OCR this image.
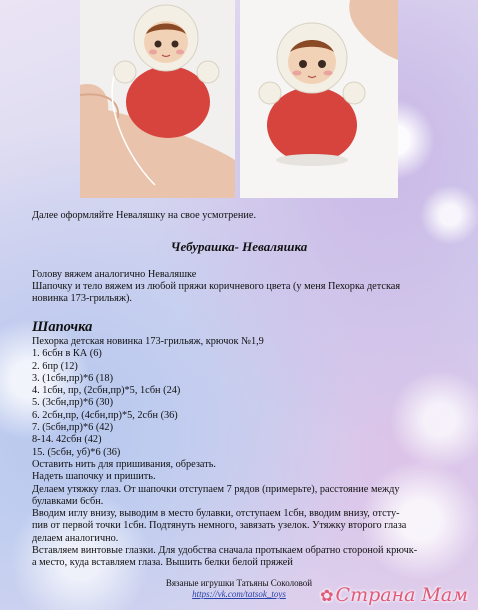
Далее оформляйте Неваляшку на свое усмотрение.
Чебурашка- Неваляшка
Голову вяжем аналогично Неваляшке
Шапочку и тело вяжем из любой пряжи коричневого цвета (у меня Пехорка детская
новинка 173-грильяж).
Шапочка
Пехорка детская новинка 173-грильяж, крючок №1,9
1. 6сбн в КА (6)
2. 6пр (12)
3. (1сбн,пр)*6 (18)
4. 1сбн, пр, (2сбн,пр)*5, 1сбн (24)
5. (3сбн,пр)*6 (30)
6. 2сбн,пр, (4сбн,пр)*5, 2сбн (36)
7. (5сбн,пр)*6 (42)
8-14. 42сбн (42)
15. (5сбн, уб)*6 (36)
Оставить нить для пришивания, обрезать.
Надеть шапочку и пришить.
Делаем утяжку глаз. От шапочки отступаем 7 рядов (примерьте), расстояние между
булавками 6сбн.
Вводим иглу внизу, выводим в место булавки, отступаем 1сбн, вводим внизу, отсту-
пив от первой точки 1сбн. Подтянуть немного, завязать узелок. Утяжку второго глаза
делаем аналогично.
Вставляем винтовые глазки. Для удобства сначала протыкаем обратно стороной крючк-
а место, куда вставляем глаза. Вышить белки белой пряжей
Вязаные игрушки Татьяны Соколовой
https://vk.com/tatsok_toys	✿ Страна Мам
